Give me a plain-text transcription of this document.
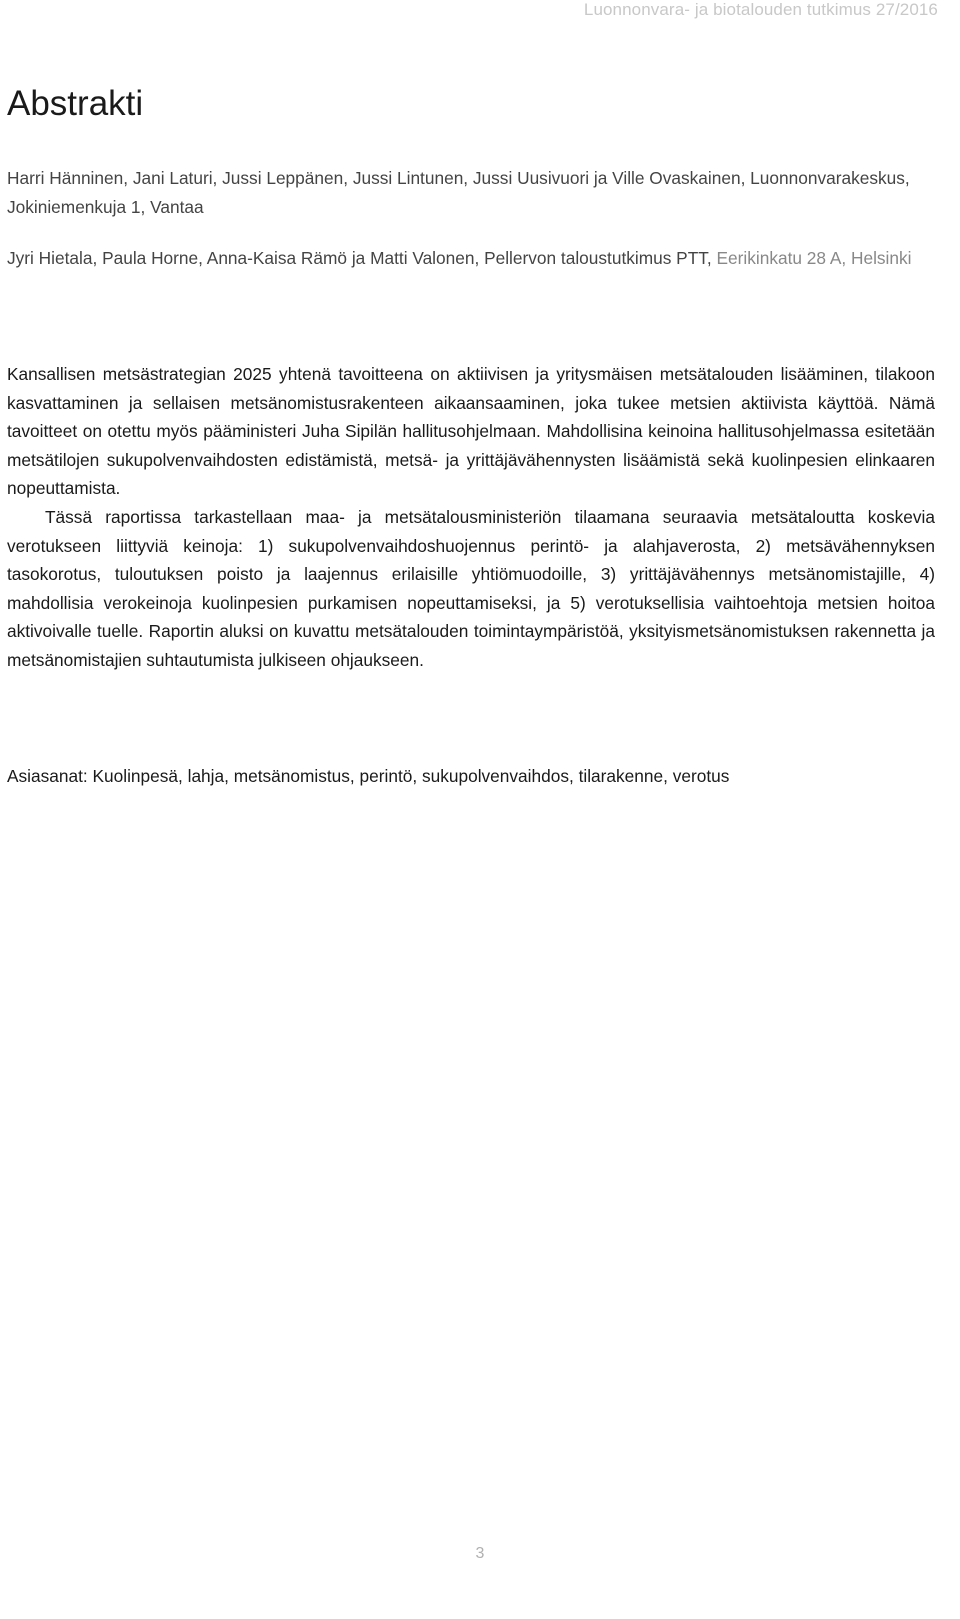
Luonnonvara- ja biotalouden tutkimus 27/2016
Abstrakti

Harri Hänninen, Jani Laturi, Jussi Leppänen, Jussi Lintunen, Jussi Uusivuori ja Ville Ovaskainen, Luonnonvarakeskus, Jokiniemenkuja 1, Vantaa

Jyri Hietala, Paula Horne, Anna-Kaisa Rämö ja Matti Valonen, Pellervon taloustutkimus PTT, Eerikinkatu 28 A, Helsinki

Kansallisen metsästrategian 2025 yhtenä tavoitteena on aktiivisen ja yritysmäisen metsätalouden lisääminen, tilakoon kasvattaminen ja sellaisen metsänomistusrakenteen aikaansaaminen, joka tukee metsien aktiivista käyttöä. Nämä tavoitteet on otettu myös pääministeri Juha Sipilän hallitusohjelmaan. Mahdollisina keinoina hallitusohjelmassa esitetään metsätilojen sukupolvenvaihdosten edistämistä, metsä- ja yrittäjävähennysten lisäämistä sekä kuolinpesien elinkaaren nopeuttamista.

Tässä raportissa tarkastellaan maa- ja metsätalousministeriön tilaamana seuraavia metsätaloutta koskevia verotukseen liittyviä keinoja: 1) sukupolvenvaihdoshuojennus perintö- ja alahjaverosta, 2) metsävähennyksen tasokorotus, tuloutuksen poisto ja laajennus erilaisille yhtiömuodoille, 3) yrittäjävähennys metsänomistajille, 4) mahdollisia verokeinoja kuolinpesien purkamisen nopeuttamiseksi, ja 5) verotuksellisia vaihtoehtoja metsien hoitoa aktivoivalle tuelle. Raportin aluksi on kuvattu metsätalouden toimintaympäristöä, yksityismetsänomistuksen rakennetta ja metsänomistajien suhtautumista julkiseen ohjaukseen.

Asiasanat: Kuolinpesä, lahja, metsänomistus, perintö, sukupolvenvaihdos, tilarakenne, verotus

3
